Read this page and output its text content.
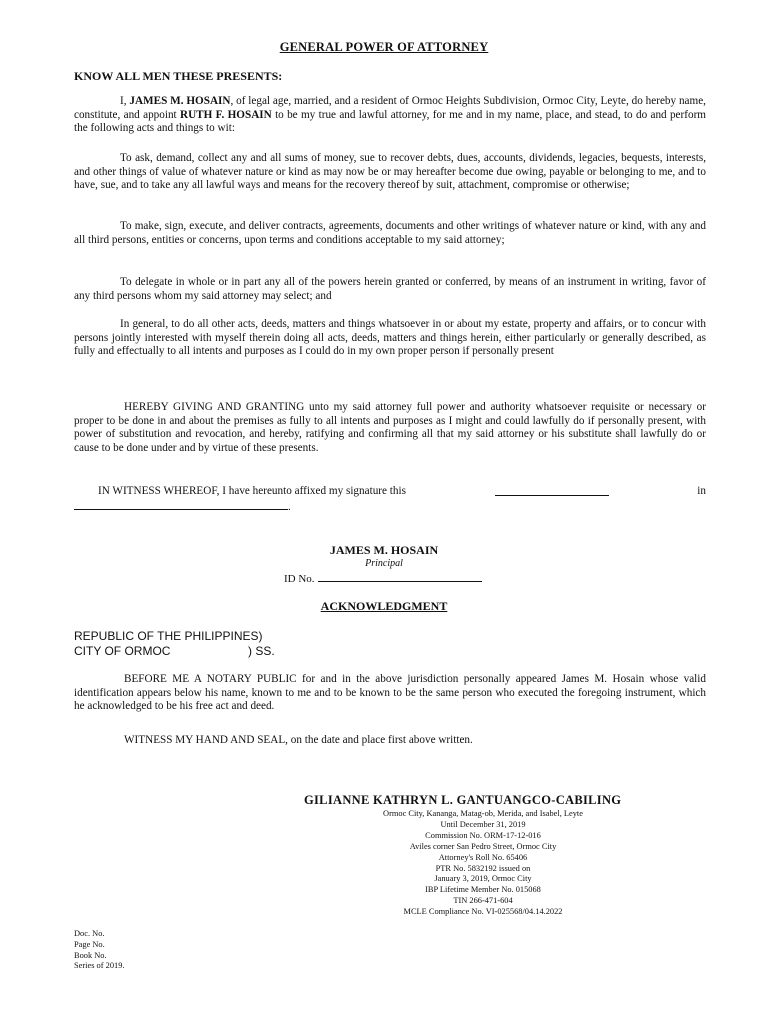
GENERAL POWER OF ATTORNEY
KNOW ALL MEN THESE PRESENTS:

I, JAMES M. HOSAIN, of legal age, married, and a resident of Ormoc Heights Subdivision, Ormoc City, Leyte, do hereby name, constitute, and appoint RUTH F. HOSAIN to be my true and lawful attorney, for me and in my name, place, and stead, to do and perform the following acts and things to wit:

To ask, demand, collect any and all sums of money, sue to recover debts, dues, accounts, dividends, legacies, bequests, interests, and other things of value of whatever nature or kind as may now be or may hereafter become due owing, payable or belonging to me, and to have, sue, and to take any all lawful ways and means for the recovery thereof by suit, attachment, compromise or otherwise;

To make, sign, execute, and deliver contracts, agreements, documents and other writings of whatever nature or kind, with any and all third persons, entities or concerns, upon terms and conditions acceptable to my said attorney;

To delegate in whole or in part any all of the powers herein granted or conferred, by means of an instrument in writing, favor of any third persons whom my said attorney may select; and

In general, to do all other acts, deeds, matters and things whatsoever in or about my estate, property and affairs, or to concur with persons jointly interested with myself therein doing all acts, deeds, matters and things herein, either particularly or generally described, as fully and effectually to all intents and purposes as I could do in my own proper person if personally present

HEREBY GIVING AND GRANTING unto my said attorney full power and authority whatsoever requisite or necessary or proper to be done in and about the premises as fully to all intents and purposes as I might and could lawfully do if personally present, with power of substitution and revocation, and hereby, ratifying and confirming all that my said attorney or his substitute shall lawfully do or cause to be done under and by virtue of these presents.

IN WITNESS WHEREOF, I have hereunto affixed my signature this	in
.
JAMES M. HOSAIN
Principal
ID No.
ACKNOWLEDGMENT
REPUBLIC OF THE PHILIPPINES)
CITY OF ORMOC	) SS.

BEFORE ME A NOTARY PUBLIC for and in the above jurisdiction personally appeared James M. Hosain whose valid identification appears below his name, known to me and to be known to be the same person who executed the foregoing instrument, which he acknowledged to be his free act and deed.

WITNESS MY HAND AND SEAL, on the date and place first above written.

GILIANNE KATHRYN L. GANTUANGCO-CABILING
Ormoc City, Kananga, Matag-ob, Merida, and Isabel, Leyte
Until December 31, 2019
Commission No. ORM-17-12-016
Aviles corner San Pedro Street, Ormoc City
Attorney's Roll No. 65406
PTR No. 5832192 issued on
January 3, 2019, Ormoc City
IBP Lifetime Member No. 015068
TIN 266-471-604
MCLE Compliance No. VI-025568/04.14.2022
Doc. No.
Page No.
Book No.
Series of 2019.
